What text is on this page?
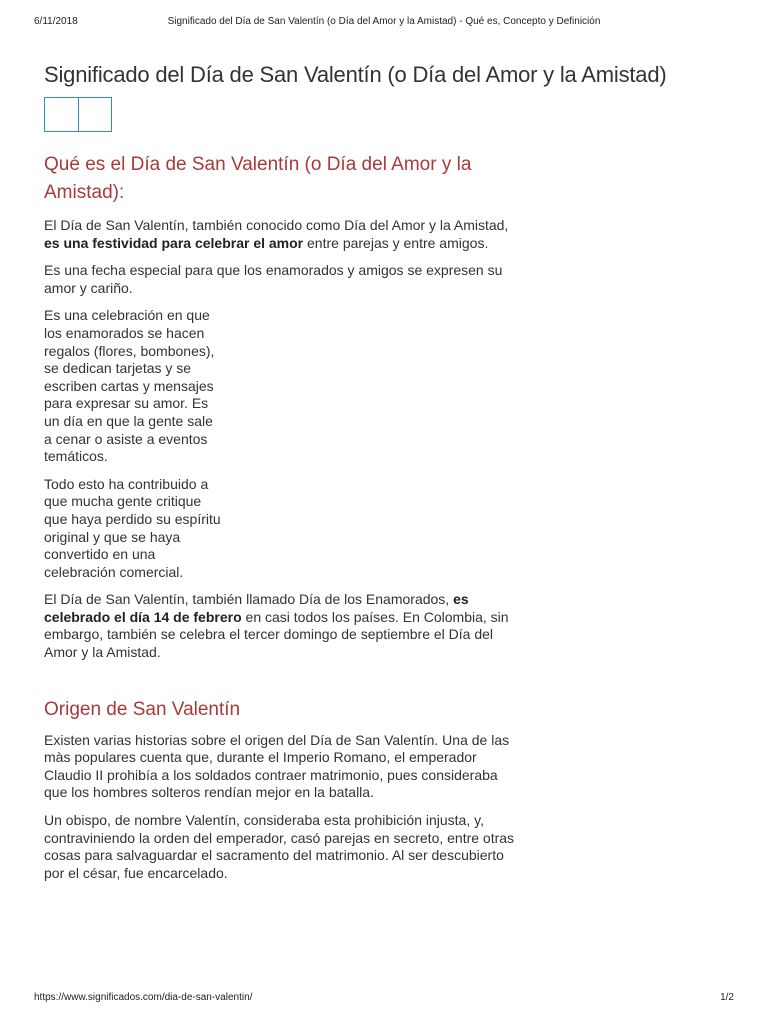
6/11/2018	Significado del Día de San Valentín (o Día del Amor y la Amistad) - Qué es, Concepto y Definición
Significado del Día de San Valentín (o Día del Amor y la Amistad)
Qué es el Día de San Valentín (o Día del Amor y la Amistad):

El Día de San Valentín, también conocido como Día del Amor y la Amistad, es una festividad para celebrar el amor entre parejas y entre amigos.

Es una fecha especial para que los enamorados y amigos se expresen su amor y cariño.

Es una celebración en que los enamorados se hacen regalos (flores, bombones), se dedican tarjetas y se escriben cartas y mensajes para expresar su amor. Es un día en que la gente sale a cenar o asiste a eventos temáticos.

Todo esto ha contribuido a que mucha gente critique que haya perdido su espíritu original y que se haya convertido en una celebración comercial.

El Día de San Valentín, también llamado Día de los Enamorados, es celebrado el día 14 de febrero en casi todos los países. En Colombia, sin embargo, también se celebra el tercer domingo de septiembre el Día del Amor y la Amistad.

Origen de San Valentín

Existen varias historias sobre el origen del Día de San Valentín. Una de las màs populares cuenta que, durante el Imperio Romano, el emperador Claudio II prohibía a los soldados contraer matrimonio, pues consideraba que los hombres solteros rendían mejor en la batalla.

Un obispo, de nombre Valentín, consideraba esta prohibición injusta, y, contraviniendo la orden del emperador, casó parejas en secreto, entre otras cosas para salvaguardar el sacramento del matrimonio. Al ser descubierto por el césar, fue encarcelado.

https://www.significados.com/dia-de-san-valentin/	1/2
